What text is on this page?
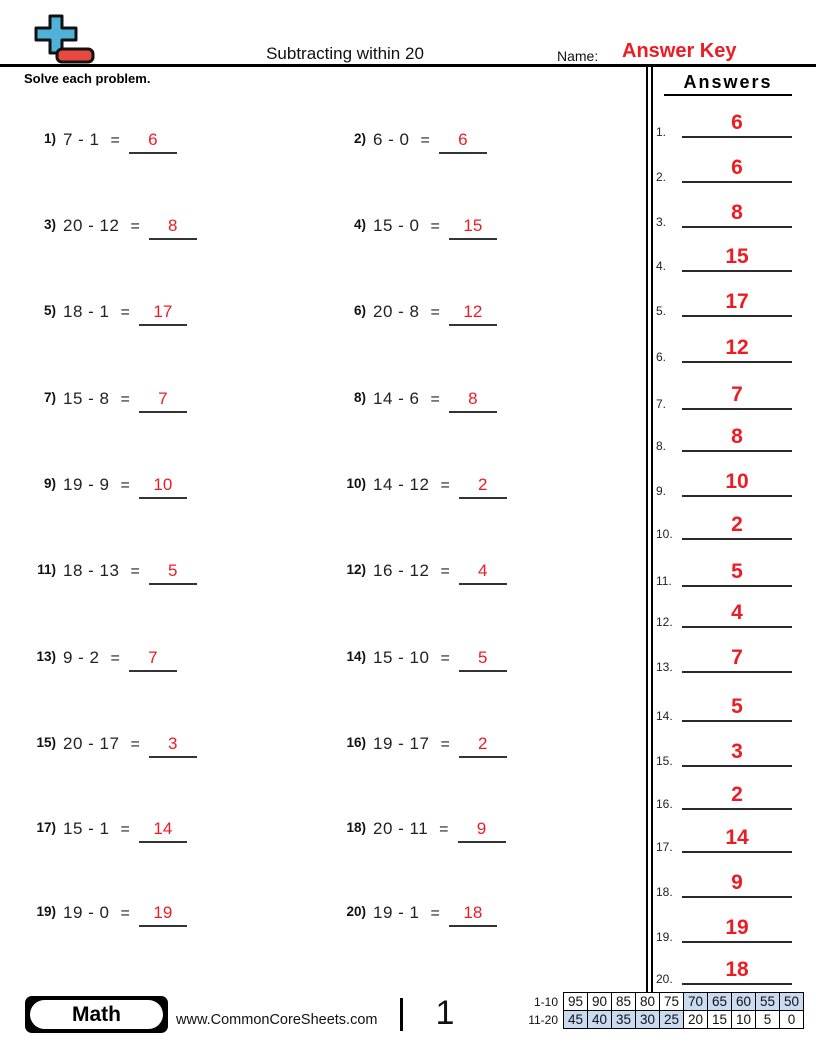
Subtracting within 20	Name: Answer Key
Solve each problem.	Answers
1.	6
2.	6
3.	8
4.	15
5.	17
6.	12
7.	7
8.	8
9.	10
10.	2
11.	5
12.	4
13.	7
14.	5
15.	3
16.	2
17.	14
18.	9
19.	19
20.	18
1) 7 - 1 =	6	2) 6 - 0 =	6
3) 20 - 12 =	8	4) 15 - 0 =	15
5) 18 - 1 =	17	6) 20 - 8 =	12
7) 15 - 8 =	7	8) 14 - 6 =	8
9) 19 - 9 =	10	10) 14 - 12 =	2
11) 18 - 13 =	5	12) 16 - 12 =	4
13) 9 - 2 =	7	14) 15 - 10 =	5
15) 20 - 17 =	3	16) 19 - 17 =	2
17) 15 - 1 =	14	18) 20 - 11 =	9
19) 19 - 0 =	19	20) 19 - 1 =	18
Math	www.CommonCoreSheets.com	1	1-10	95	90	85	80	75	70	65	60	55	50
11-20	45	40	35	30	25	20	15	10	5	0
